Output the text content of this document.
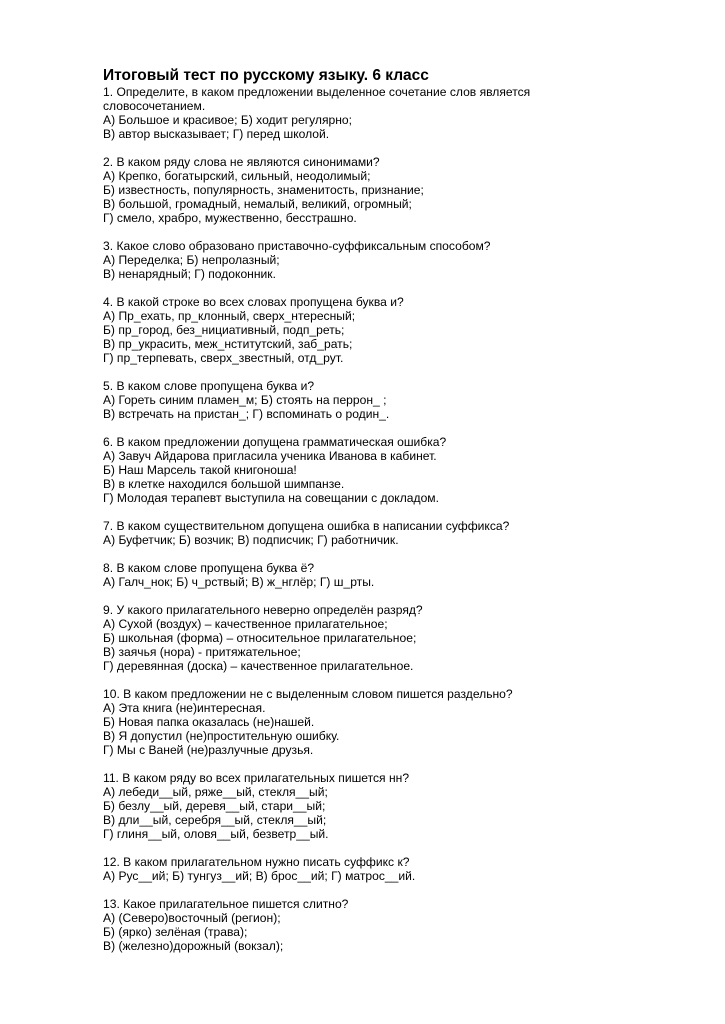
Итоговый тест по русскому языку. 6 класс

1. Определите, в каком предложении выделенное сочетание слов является

словосочетанием.

А) Большое и красивое; Б) ходит регулярно;

В) автор высказывает; Г) перед школой.

2. В каком ряду слова не являются синонимами?

А) Крепко, богатырский, сильный, неодолимый;

Б) известность, популярность, знаменитость, признание;

В) большой, громадный, немалый, великий, огромный;

Г) смело, храбро, мужественно, бесстрашно.

3. Какое слово образовано приставочно-суффиксальным способом?

А) Переделка; Б) непролазный;

В) ненарядный; Г) подоконник.

4. В какой строке во всех словах пропущена буква и?

А) Пр_ехать, пр_клонный, сверх_нтересный;

Б) пр_город, без_нициативный, подп_реть;

В) пр_украсить, меж_нститутский, заб_рать;

Г) пр_терпевать, сверх_звестный, отд_рут.

5. В каком слове пропущена буква и?

А) Гореть синим пламен_м; Б) стоять на перрон_ ;

В) встречать на пристан_; Г) вспоминать о родин_.

6. В каком предложении допущена грамматическая ошибка?

А) Завуч Айдарова пригласила ученика Иванова в кабинет.

Б) Наш Марсель такой книгоноша!

В) в клетке находился большой шимпанзе.

Г) Молодая терапевт выступила на совещании с докладом.

7. В каком существительном допущена ошибка в написании суффикса?

А) Буфетчик; Б) возчик; В) подписчик; Г) работничик.

8. В каком слове пропущена буква ё?

А) Галч_нок; Б) ч_рствый; В) ж_нглёр; Г) ш_рты.

9. У какого прилагательного неверно определён разряд?

А) Сухой (воздух) – качественное прилагательное;

Б) школьная (форма) – относительное прилагательное;

В) заячья (нора) - притяжательное;

Г) деревянная (доска) – качественное прилагательное.

10. В каком предложении не с выделенным словом пишется раздельно?

А) Эта книга (не)интересная.

Б) Новая папка оказалась (не)нашей.

В) Я допустил (не)простительную ошибку.

Г) Мы с Ваней (не)разлучные друзья.

11. В каком ряду во всех прилагательных пишется нн?

А) лебеди__ый, ряже__ый, стекля__ый;

Б) безлу__ый, деревя__ый, стари__ый;

В) дли__ый, серебря__ый, стекля__ый;

Г) глиня__ый, оловя__ый, безветр__ый.

12. В каком прилагательном нужно писать суффикс к?

А) Рус__ий; Б) тунгуз__ий; В) брос__ий; Г) матрос__ий.

13. Какое прилагательное пишется слитно?

А) (Северо)восточный (регион);

Б) (ярко) зелёная (трава);

В) (железно)дорожный (вокзал);
